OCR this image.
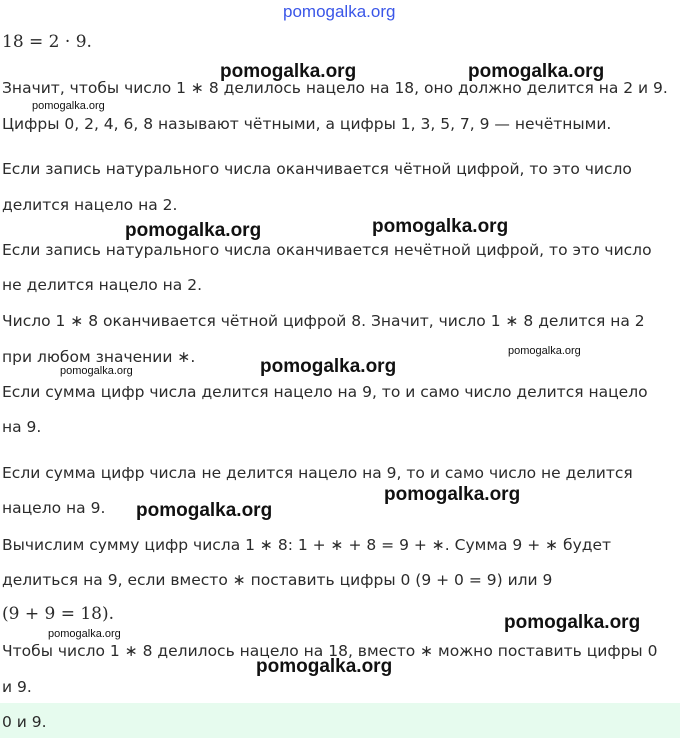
18 = 2 · 9.
Значит, чтобы число 1 ∗ 8 делилось нацело на 18, оно должно делится на 2 и 9.
Цифры 0, 2, 4, 6, 8 называют чётными, а цифры 1, 3, 5, 7, 9 — нечётными.
Если запись натурального числа оканчивается чётной цифрой, то это число
делится нацело на 2.
Если запись натурального числа оканчивается нечётной цифрой, то это число
не делится нацело на 2.
Число 1 ∗ 8 оканчивается чётной цифрой 8. Значит, число 1 ∗ 8 делится на 2
при любом значении ∗.
Если сумма цифр числа делится нацело на 9, то и само число делится нацело
на 9.
Если сумма цифр числа не делится нацело на 9, то и само число не делится
нацело на 9.
Вычислим сумму цифр числа 1 ∗ 8: 1 + ∗ + 8 = 9 + ∗. Сумма 9 + ∗ будет
делиться на 9, если вместо ∗ поставить цифры 0 (9 + 0 = 9) или 9
(9 + 9 = 18).
Чтобы число 1 ∗ 8 делилось нацело на 18, вместо ∗ можно поставить цифры 0
и 9.
0 и 9.
pomogalka.org
pomogalka.org	pomogalka.org
pomogalka.org
pomogalka.org	pomogalka.org
pomogalka.org
pomogalka.org
pomogalka.org
pomogalka.org
pomogalka.org
pomogalka.org
pomogalka.org
pomogalka.org
